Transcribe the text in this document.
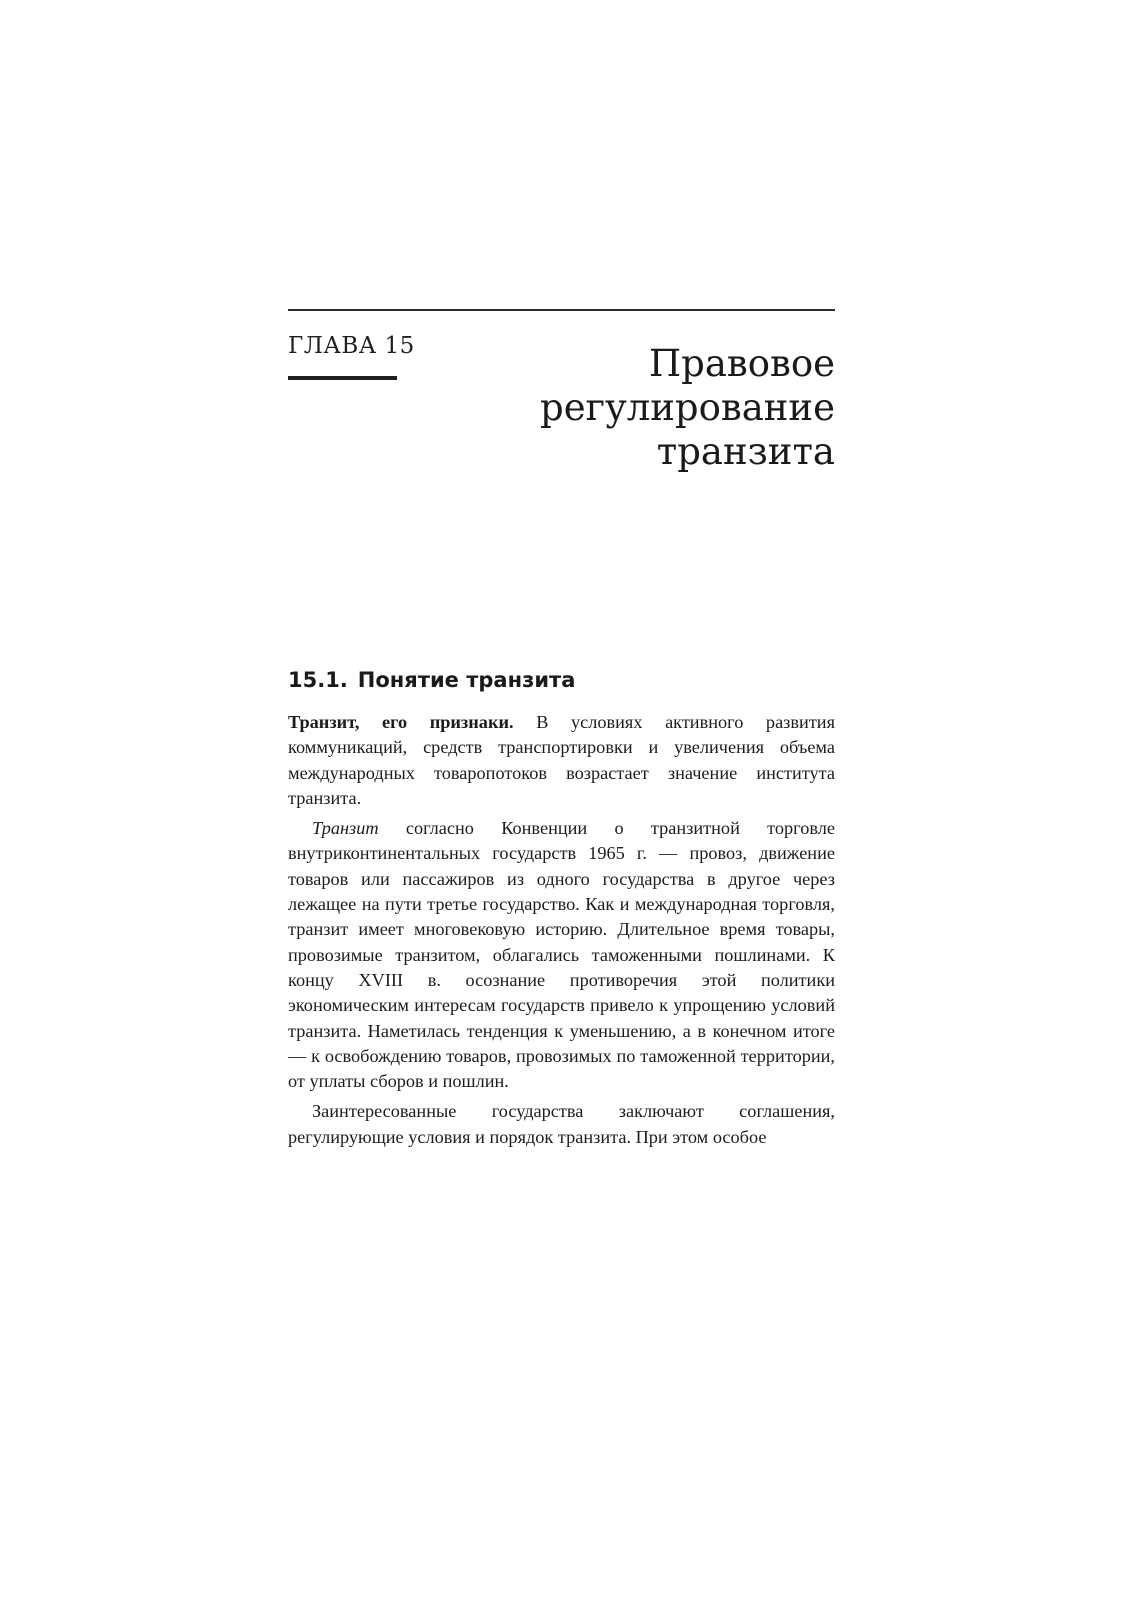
ГЛАВА 15	Правовое
регулирование
транзита
15.1. Понятие транзита

Транзит, его признаки. В условиях активного развития коммуникаций, средств транспортировки и увеличения объема международных товаропотоков возрастает значение института транзита.

Транзит согласно Конвенции о транзитной торговле внутриконтинентальных государств 1965 г. — провоз, движение товаров или пассажиров из одного государства в другое через лежащее на пути третье государство. Как и международная торговля, транзит имеет многовековую историю. Длительное время товары, провозимые транзитом, облагались таможенными пошлинами. К концу XVIII в. осознание противоречия этой политики экономическим интересам государств привело к упрощению условий транзита. Наметилась тенденция к уменьшению, а в конечном итоге — к освобождению товаров, провозимых по таможенной территории, от уплаты сборов и пошлин.

Заинтересованные государства заключают соглашения, регулирующие условия и порядок транзита. При этом особое
